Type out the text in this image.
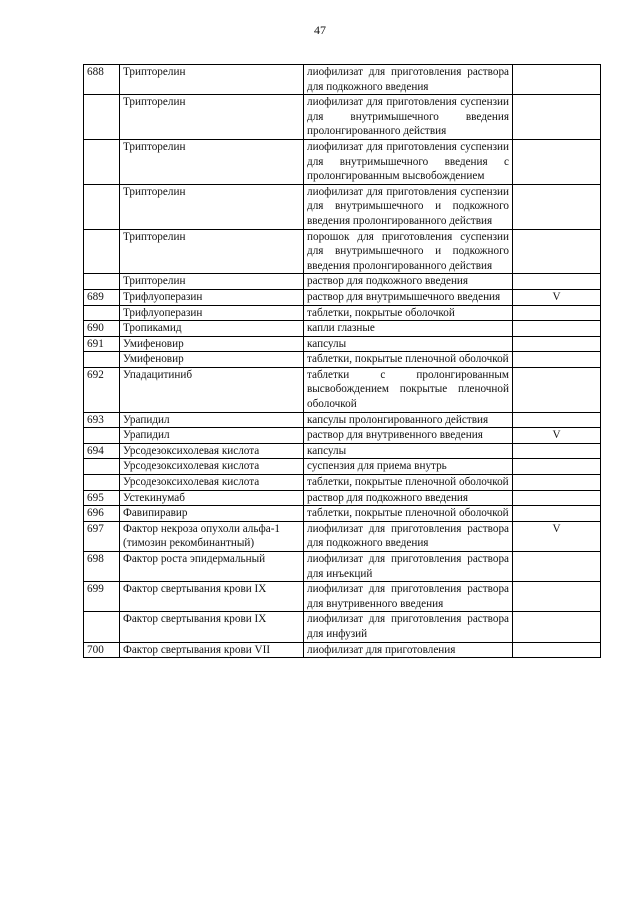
47
688	Трипторелин	лиофилизат для приготовления раствора для подкожного введения	
	Трипторелин	лиофилизат для приготовления суспензии для внутримышечного введения пролонгированного действия	
	Трипторелин	лиофилизат для приготовления суспензии для внутримышечного введения с пролонгированным высвобождением	
	Трипторелин	лиофилизат для приготовления суспензии для внутримышечного и подкожного введения пролонгированного действия	
	Трипторелин	порошок для приготовления суспензии для внутримышечного и подкожного введения пролонгированного действия	
	Трипторелин	раствор для подкожного введения	
689	Трифлуоперазин	раствор для внутримышечного введения	V
	Трифлуоперазин	таблетки, покрытые оболочкой	
690	Тропикамид	капли глазные	
691	Умифеновир	капсулы	
	Умифеновир	таблетки, покрытые пленочной оболочкой	
692	Упадацитиниб	таблетки с пролонгированным высвобождением покрытые пленочной оболочкой	
693	Урапидил	капсулы пролонгированного действия	
	Урапидил	раствор для внутривенного введения	V
694	Урсодезоксихолевая кислота	капсулы	
	Урсодезоксихолевая кислота	суспензия для приема внутрь	
	Урсодезоксихолевая кислота	таблетки, покрытые пленочной оболочкой	
695	Устекинумаб	раствор для подкожного введения	
696	Фавипиравир	таблетки, покрытые пленочной оболочкой	
697	Фактор некроза опухоли альфа-1 (тимозин рекомбинантный)	лиофилизат для приготовления раствора для подкожного введения	V
698	Фактор роста эпидермальный	лиофилизат для приготовления раствора для инъекций	
699	Фактор свертывания крови IX	лиофилизат для приготовления раствора для внутривенного введения	
	Фактор свертывания крови IX	лиофилизат для приготовления раствора для инфузий	
700	Фактор свертывания крови VII	лиофилизат для приготовления	
